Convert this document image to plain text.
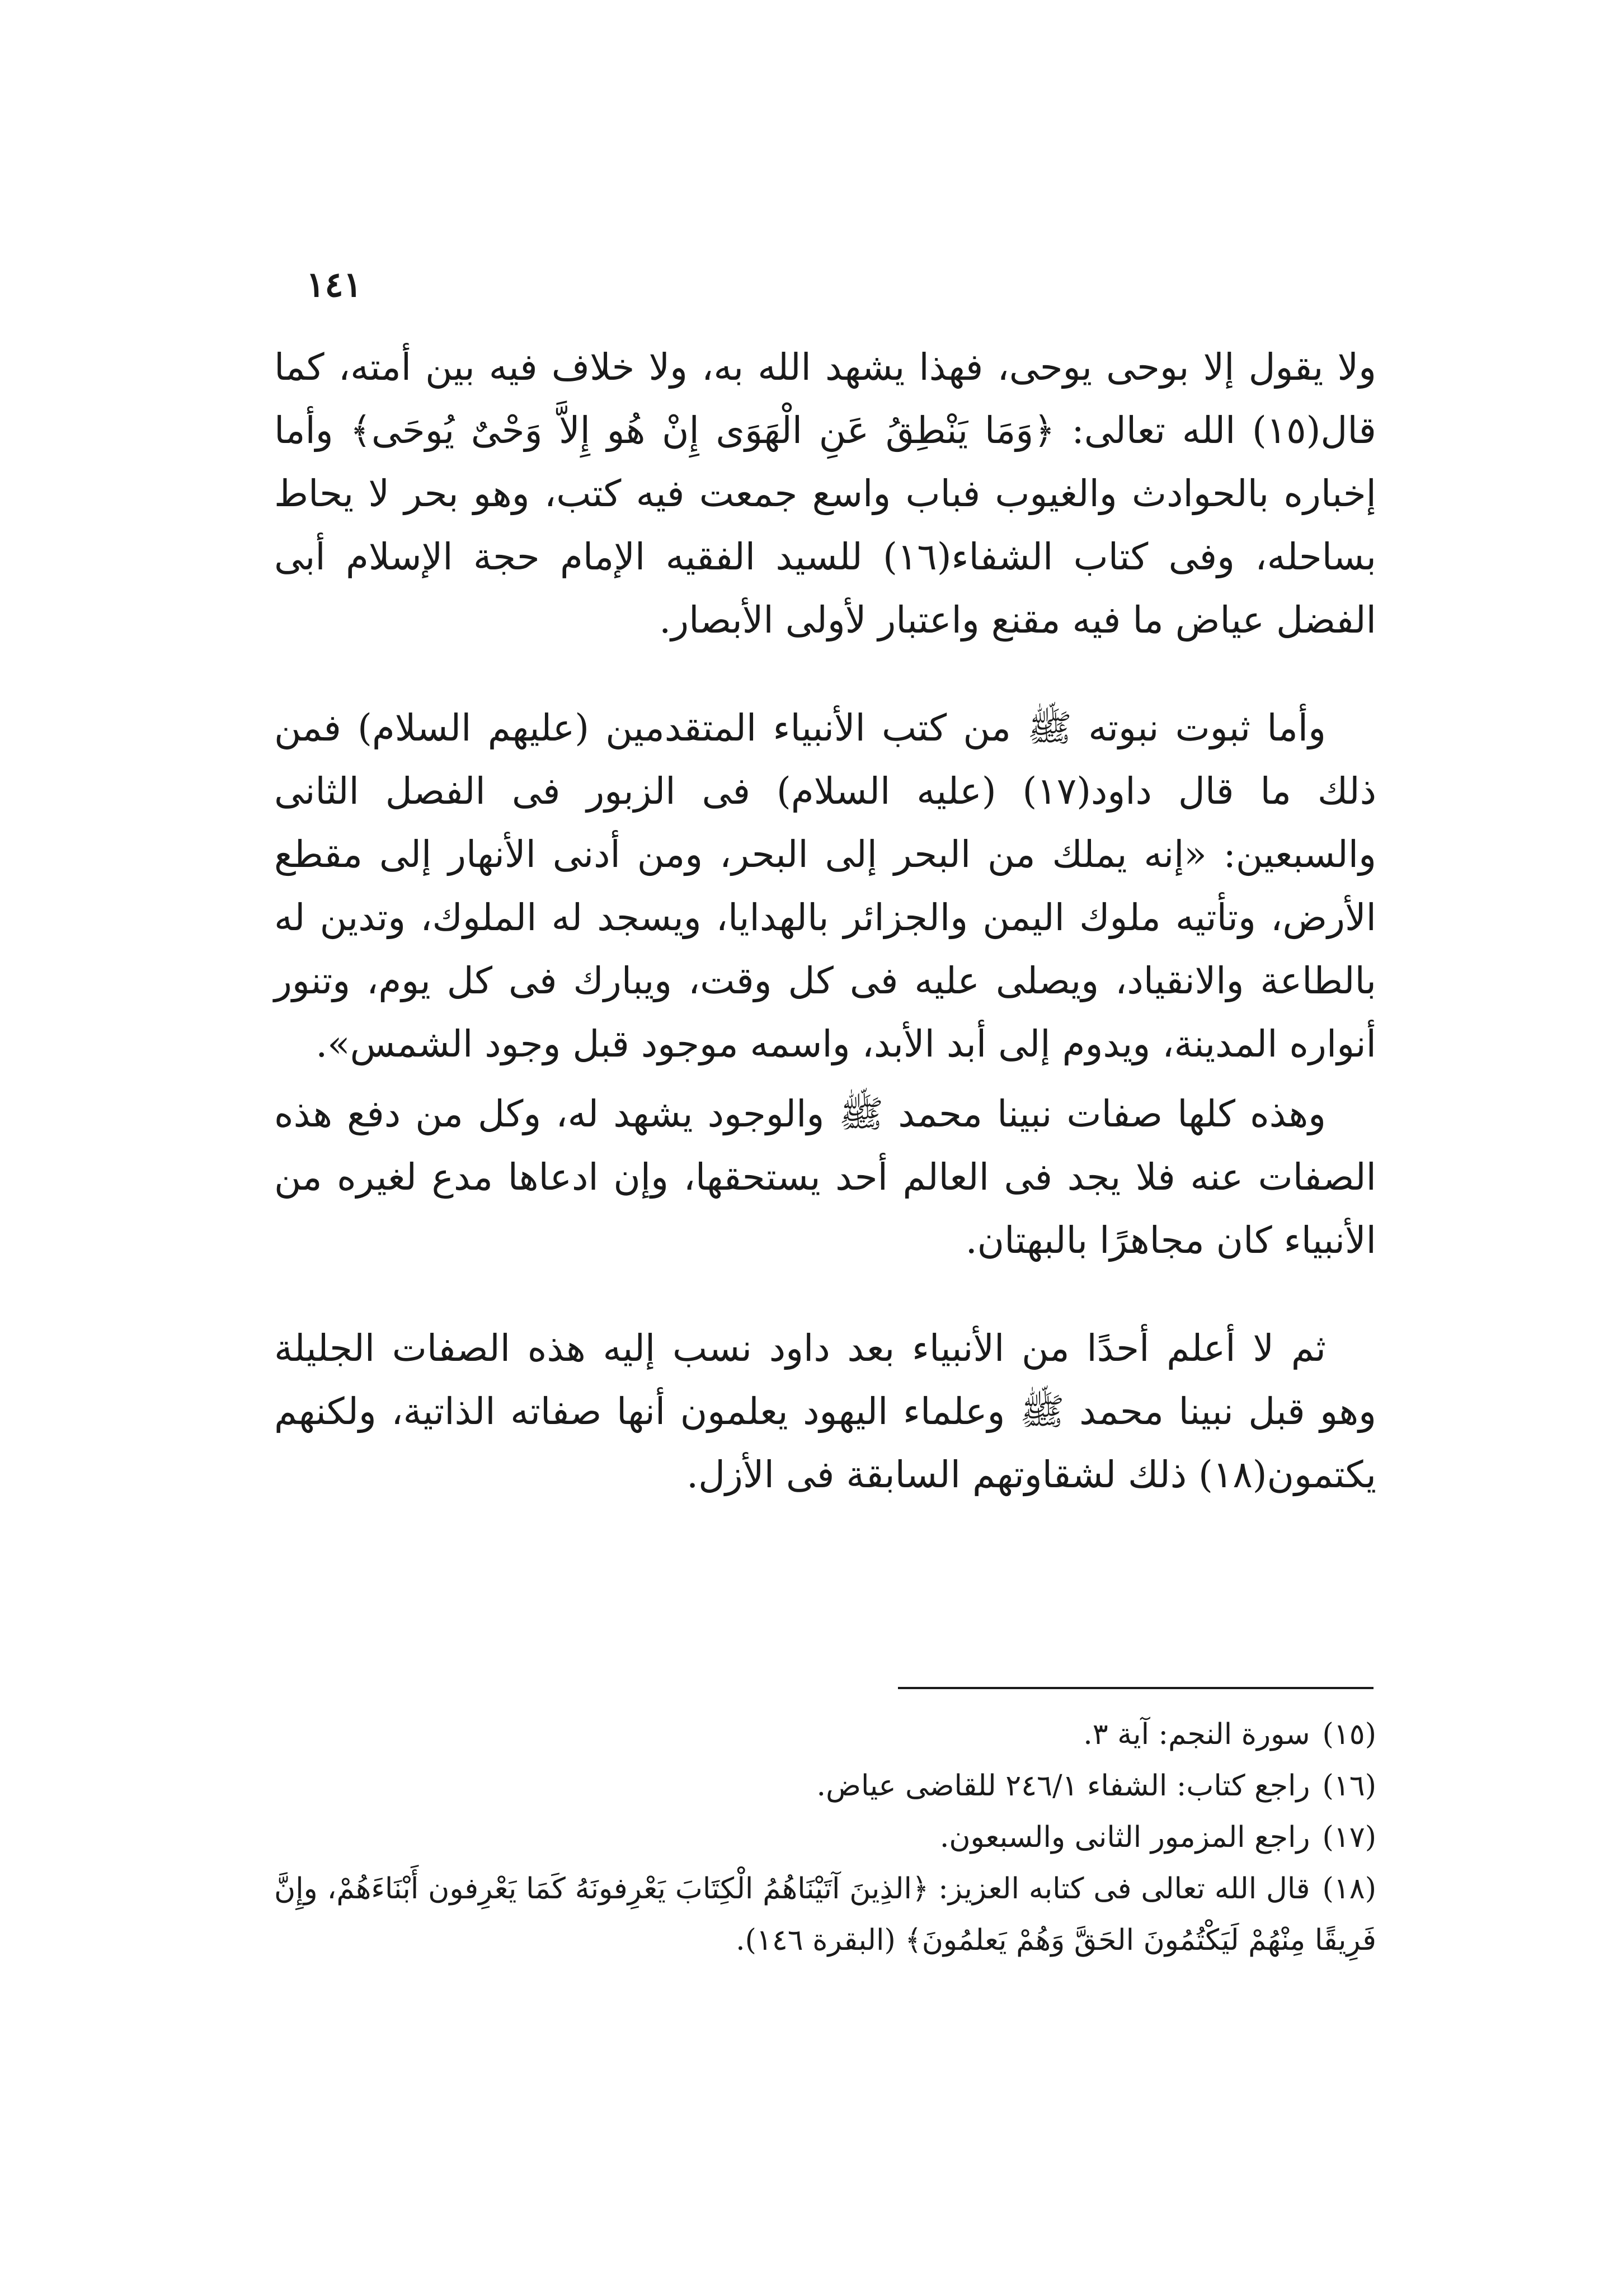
١٤١

ولا يقول إلا بوحى يوحى، فهذا يشهد الله به، ولا خلاف فيه بين أمته، كما قال(١٥) الله تعالى: ﴿وَمَا يَنْطِقُ عَنِ الْهَوَى إِنْ هُو إِلاَّ وَحْىٌ يُوحَى﴾ وأما إخباره بالحوادث والغيوب فباب واسع جمعت فيه كتب، وهو بحر لا يحاط بساحله، وفى كتاب الشفاء(١٦) للسيد الفقيه الإمام حجة الإسلام أبى الفضل عياض ما فيه مقنع واعتبار لأولى الأبصار.

وأما ثبوت نبوته ﷺ من كتب الأنبياء المتقدمين (عليهم السلام) فمن ذلك ما قال داود(١٧) (عليه السلام) فى الزبور فى الفصل الثانى والسبعين: «إنه يملك من البحر إلى البحر، ومن أدنى الأنهار إلى مقطع الأرض، وتأتيه ملوك اليمن والجزائر بالهدايا، ويسجد له الملوك، وتدين له بالطاعة والانقياد، ويصلى عليه فى كل وقت، ويبارك فى كل يوم، وتنور أنواره المدينة، ويدوم إلى أبد الأبد، واسمه موجود قبل وجود الشمس».

وهذه كلها صفات نبينا محمد ﷺ والوجود يشهد له، وكل من دفع هذه الصفات عنه فلا يجد فى العالم أحد يستحقها، وإن ادعاها مدع لغيره من الأنبياء كان مجاهرًا بالبهتان.

ثم لا أعلم أحدًا من الأنبياء بعد داود نسب إليه هذه الصفات الجليلة وهو قبل نبينا محمد ﷺ وعلماء اليهود يعلمون أنها صفاته الذاتية، ولكنهم يكتمون(١٨) ذلك لشقاوتهم السابقة فى الأزل.

(١٥)سورة النجم: آية ٣.

(١٦)راجع كتاب: الشفاء ٢٤٦/١ للقاضى عياض.

(١٧)راجع المزمور الثانى والسبعون.

(١٨)قال الله تعالى فى كتابه العزيز: ﴿الذِينَ آتَيْنَاهُمُ الْكِتَابَ يَعْرِفونَهُ كَمَا يَعْرِفون أَبْنَاءَهُمْ، وإِنَّ فَرِيقًا مِنْهُمْ لَيَكْتُمُونَ الحَقَّ وَهُمْ يَعلمُونَ﴾ (البقرة ١٤٦).
